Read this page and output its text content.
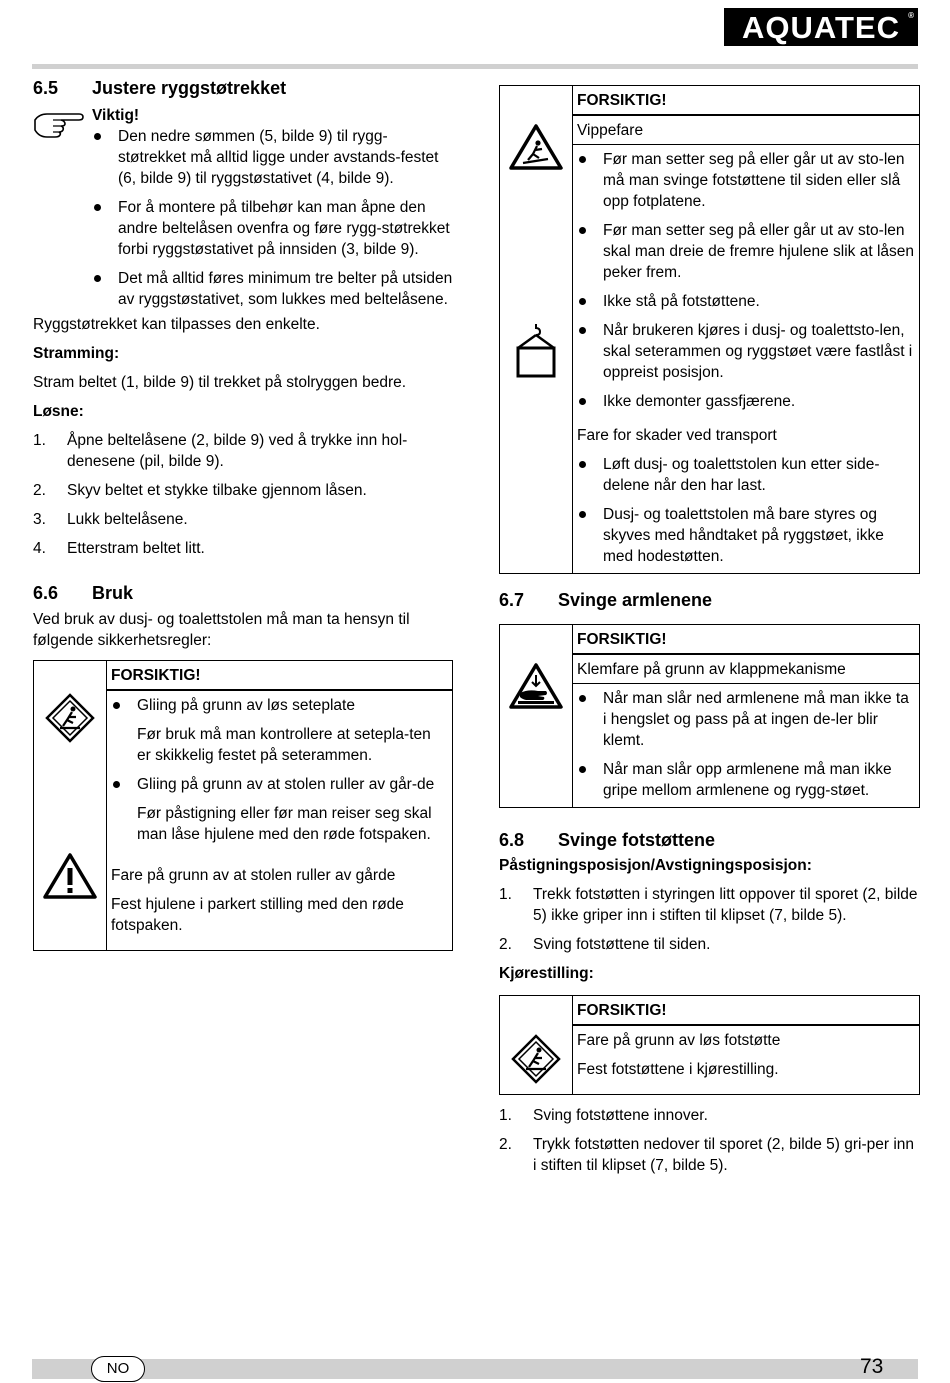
AQUATEC ®
6.5 Justere ryggstøtrekket
Viktig!
Den nedre sømmen (5, bilde 9) til rygg-støtrekket må alltid ligge under avstands-festet (6, bilde 9) til ryggstøstativet (4, bilde 9).
For å montere på tilbehør kan man åpne den andre beltelåsen ovenfra og føre rygg-støtrekket forbi ryggstøstativet på innsiden (3, bilde 9).
Det må alltid føres minimum tre belter på utsiden av ryggstøstativet, som lukkes med beltelåsene.
Ryggstøtrekket kan tilpasses den enkelte.
Stramming:
Stram beltet (1, bilde 9) til trekket på stolryggen bedre.
Løsne:
1. Åpne beltelåsene (2, bilde 9) ved å trykke inn hol-denesene (pil, bilde 9).
2. Skyv beltet et stykke tilbake gjennom låsen.
3. Lukk beltelåsene.
4. Etterstram beltet litt.
6.6 Bruk
Ved bruk av dusj- og toalettstolen må man ta hensyn til følgende sikkerhetsregler:

FORSIKTIG!

Gliing på grunn av løs seteplate

Før bruk må man kontrollere at setepla-ten er skikkelig festet på seterammen.

Gliing på grunn av at stolen ruller av går-de

Før påstigning eller før man reiser seg skal man låse hjulene med den røde fotspaken.

Fare på grunn av at stolen ruller av gårde

Fest hjulene i parkert stilling med den røde fotspaken.

FORSIKTIG!

Vippefare

Før man setter seg på eller går ut av sto-len må man svinge fotstøttene til siden eller slå opp fotplatene.
Før man setter seg på eller går ut av sto-len skal man dreie de fremre hjulene slik at låsen peker frem.
Ikke stå på fotstøttene.
Når brukeren kjøres i dusj- og toalettsto-len, skal seterammen og ryggstøet være fastlåst i oppreist posisjon.
Ikke demonter gassfjærene.

Fare for skader ved transport

Løft dusj- og toalettstolen kun etter side-delene når den har last.
Dusj- og toalettstolen må bare styres og skyves med håndtaket på ryggstøet, ikke med hodestøtten.
6.7 Svinge armlenene

FORSIKTIG!

Klemfare på grunn av klappmekanisme

Når man slår ned armlenene må man ikke ta i hengslet og pass på at ingen de-ler blir klemt.
Når man slår opp armlenene må man ikke gripe mellom armlenene og rygg-støet.
6.8 Svinge fotstøttene
Påstigningsposisjon/Avstigningsposisjon:
1. Trekk fotstøtten i styringen litt oppover til sporet (2, bilde 5) ikke griper inn i stiften til klipset (7, bilde 5).
2. Sving fotstøttene til siden.
Kjørestilling:

FORSIKTIG!

Fare på grunn av løs fotstøtte

Fest fotstøttene i kjørestilling.

1. Sving fotstøttene innover.
2. Trykk fotstøtten nedover til sporet (2, bilde 5) gri-per inn i stiften til klipset (7, bilde 5).
NO	73
